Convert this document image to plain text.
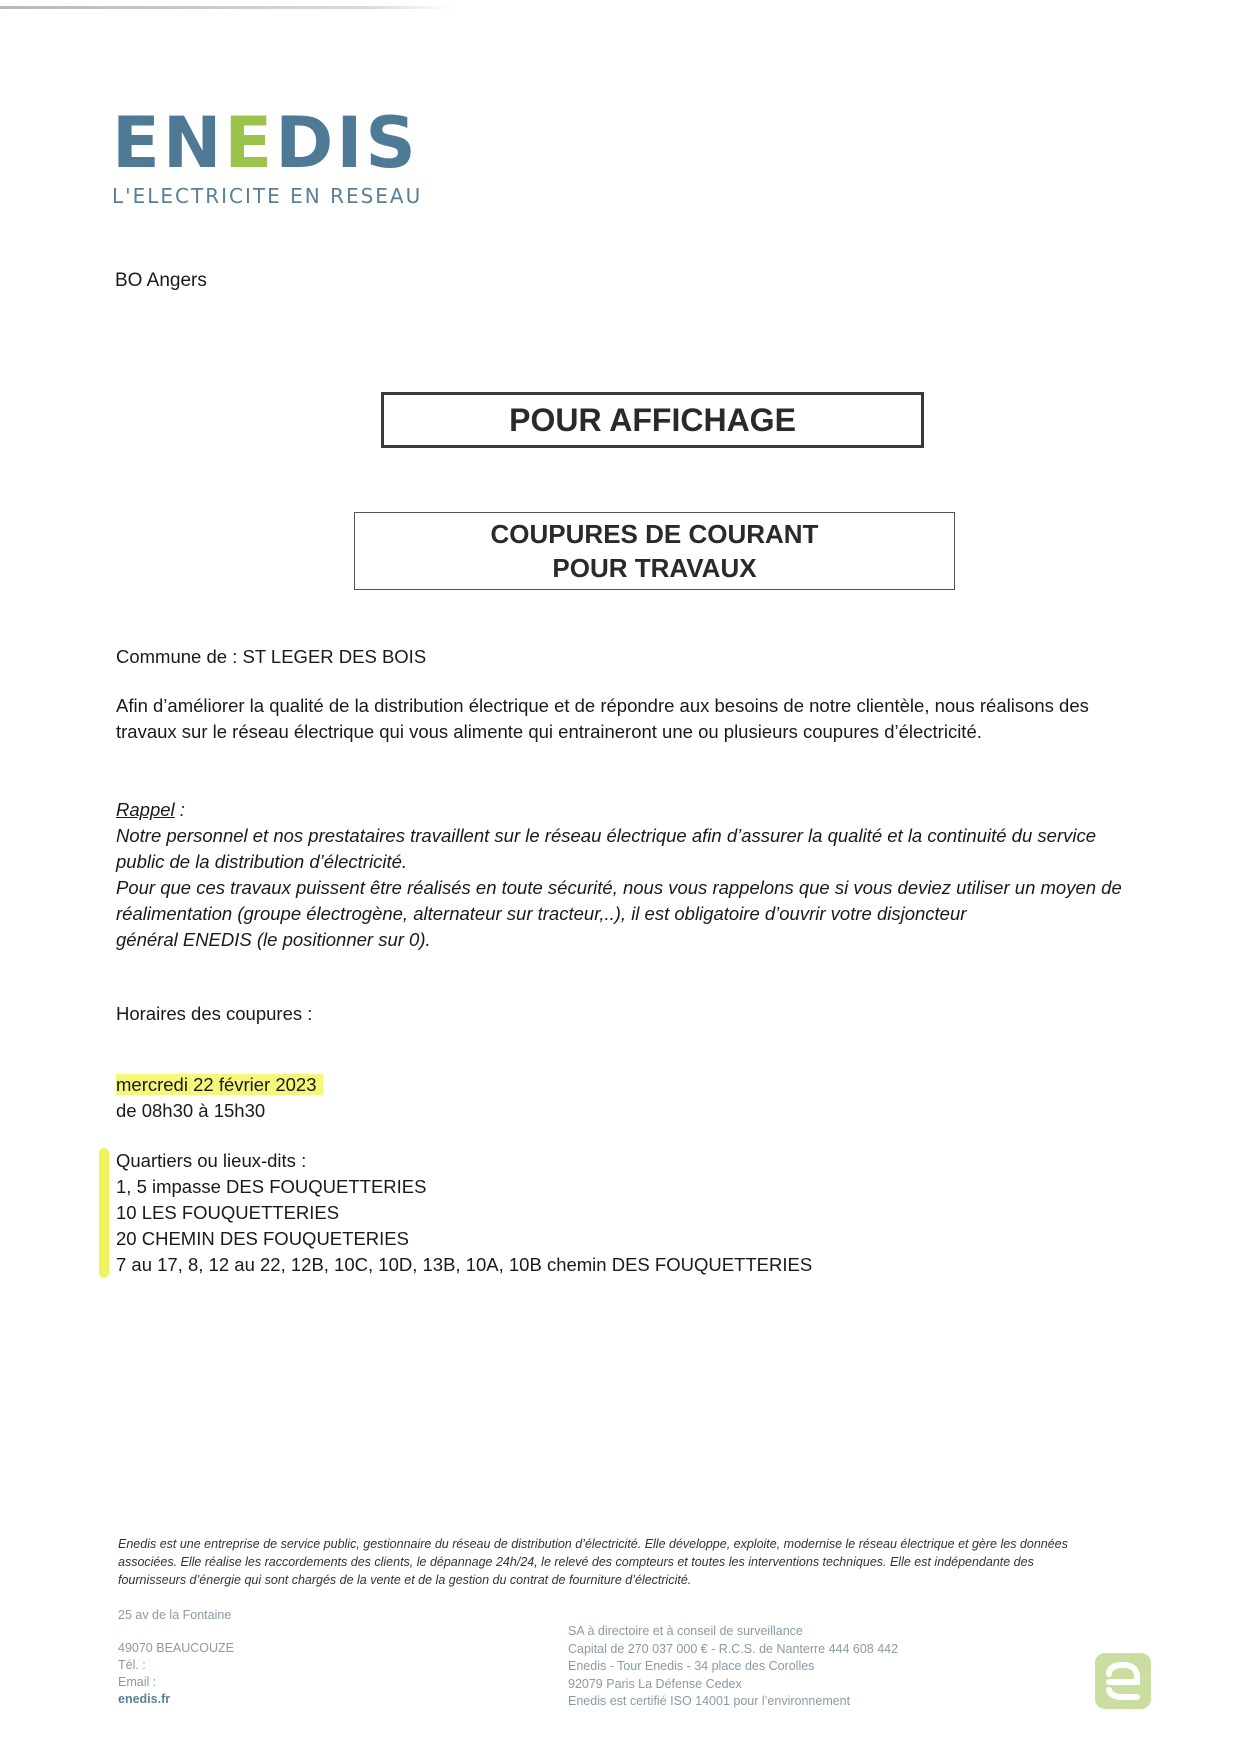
ENEDIS
L'ELECTRICITE EN RESEAU
BO Angers
POUR AFFICHAGE
COUPURES DE COURANT
POUR TRAVAUX
Commune de : ST LEGER DES BOIS
Afin d’améliorer la qualité de la distribution électrique et de répondre aux besoins de notre clientèle, nous réalisons des
travaux sur le réseau électrique qui vous alimente qui entraineront une ou plusieurs coupures d’électricité.
Rappel :
Notre personnel et nos prestataires travaillent sur le réseau électrique afin d’assurer la qualité et la continuité du service
public de la distribution d’électricité.
Pour que ces travaux puissent être réalisés en toute sécurité, nous vous rappelons que si vous deviez utiliser un moyen de
réalimentation (groupe électrogène, alternateur sur tracteur,..), il est obligatoire d’ouvrir votre disjoncteur
général ENEDIS (le positionner sur 0).
Horaires des coupures :
mercredi 22 février 2023
de 08h30 à 15h30
Quartiers ou lieux-dits :
1, 5 impasse DES FOUQUETTERIES
10 LES FOUQUETTERIES
20 CHEMIN DES FOUQUETERIES
7 au 17, 8, 12 au 22, 12B, 10C, 10D, 13B, 10A, 10B chemin DES FOUQUETTERIES
Enedis est une entreprise de service public, gestionnaire du réseau de distribution d’électricité. Elle développe, exploite, modernise le réseau électrique et gère les données
associées. Elle réalise les raccordements des clients, le dépannage 24h/24, le relevé des compteurs et toutes les interventions techniques. Elle est indépendante des
fournisseurs d’énergie qui sont chargés de la vente et de la gestion du contrat de fourniture d’électricité.
25 av de la Fontaine
49070 BEAUCOUZE
Tél. :
Email :
enedis.fr
SA à directoire et à conseil de surveillance
Capital de 270 037 000 € - R.C.S. de Nanterre 444 608 442
Enedis - Tour Enedis - 34 place des Corolles
92079 Paris La Défense Cedex
Enedis est certifié ISO 14001 pour l’environnement
